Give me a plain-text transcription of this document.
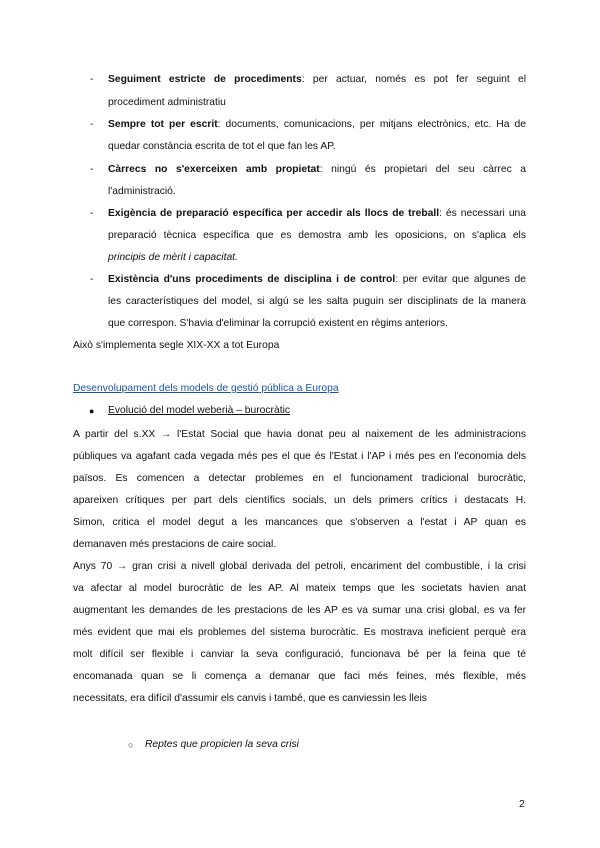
- Seguiment estricte de procediments: per actuar, només es pot fer seguint el
procediment administratiu
- Sempre tot per escrit: documents, comunicacions, per mitjans electrònics, etc. Ha de
quedar constància escrita de tot el que fan les AP.
- Càrrecs no s'exerceixen amb propietat: ningú és propietari del seu càrrec a
l'administració.
- Exigència de preparació específica per accedir als llocs de treball: és necessari una
preparació tècnica específica que es demostra amb les oposicions, on s'aplica els
principis de mèrit i capacitat.
- Existència d'uns procediments de disciplina i de control: per evitar que algunes de
les característiques del model, si algú se les salta puguin ser disciplinats de la manera
que correspon. S'havia d'eliminar la corrupció existent en règims anteriors.
Això s'implementa segle XIX-XX a tot Europa
Desenvolupament dels models de gestió pública a Europa
● Evolució del model weberià – burocràtic
A partir del s.XX → l'Estat Social que havia donat peu al naixement de les administracions
públiques va agafant cada vegada més pes el que és l'Estat i l'AP i més pes en l'economia dels
països. Es comencen a detectar problemes en el funcionament tradicional burocràtic,
apareixen crítiques per part dels científics socials, un dels primers crítics i destacats H.
Simon, critica el model degut a les mancances que s'observen a l'estat i AP quan es
demanaven més prestacions de caire social.
Anys 70 → gran crisi a nivell global derivada del petroli, encariment del combustible, i la crisi
va afectar al model burocràtic de les AP. Al mateix temps que les societats havien anat
augmentant les demandes de les prestacions de les AP es va sumar una crisi global, es va fer
més evident que mai els problemes del sistema burocràtic. Es mostrava ineficient perquè era
molt difícil ser flexible i canviar la seva configuració, funcionava bé per la feina que té
encomanada quan se li comença a demanar que faci més feines, més flexible, més
necessitats, era difícil d'assumir els canvis i també, que es canviessin les lleis
○ Reptes que propicien la seva crisi
2
